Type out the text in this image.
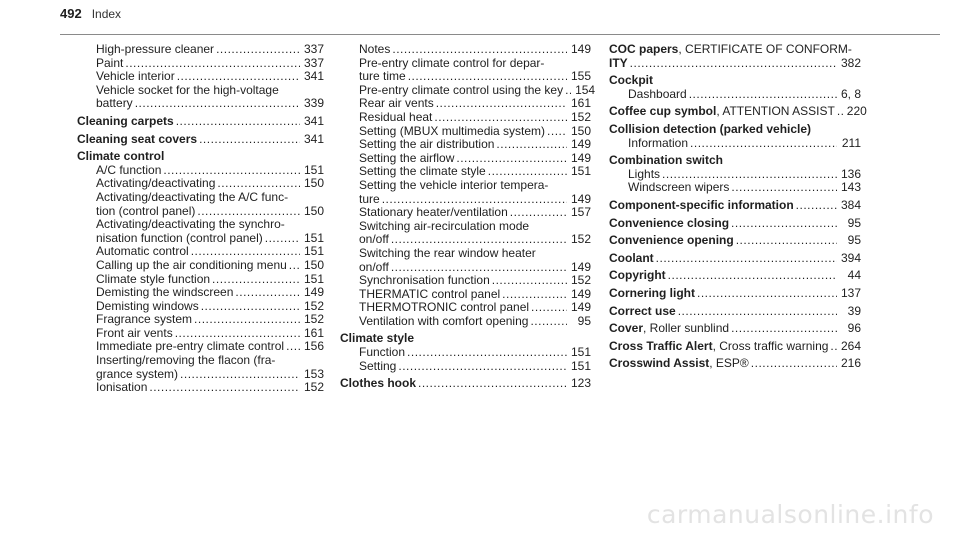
492 Index
High-pressure cleaner .....	337
Paint .....	337
Vehicle interior .....	341
Vehicle socket for the high-voltage
battery .....	339
Cleaning carpets .....	341
Cleaning seat covers .....	341
Climate control
A/C function .....	151
Activating/deactivating .....	150
Activating/deactivating the A/C func-
tion (control panel) .....	150
Activating/deactivating the synchro-
nisation function (control panel) .....	151
Automatic control .....	151
Calling up the air conditioning menu ..... 150
Climate style function .....	151
Demisting the windscreen .....	149
Demisting windows .....	152
Fragrance system .....	152
Front air vents .....	161
Immediate pre-entry climate control ..... 156
Inserting/removing the flacon (fra-
grance system) .....	153
Ionisation .....	152
Notes .....	149
Pre-entry climate control for depar-
ture time .....	155
Pre-entry climate control using the key ..... 154
Rear air vents .....	161
Residual heat .....	152
Setting (MBUX multimedia system) ..... 150
Setting the air distribution .....	149
Setting the airflow .....	149
Setting the climate style .....	151
Setting the vehicle interior tempera-
ture .....	149
Stationary heater/ventilation .....	157
Switching air-recirculation mode
on/off .....	152
Switching the rear window heater
on/off .....	149
Synchronisation function .....	152
THERMATIC control panel .....	149
THERMOTRONIC control panel .....	149
Ventilation with comfort opening .....	95
Climate style
Function .....	151
Setting .....	151
Clothes hook .....	123
COC papers, CERTIFICATE OF CONFORM-
ITY .....	382
Cockpit
Dashboard .....	6, 8
Coffee cup symbol, ATTENTION ASSIST ..... 220
Collision detection (parked vehicle)
Information .....	211
Combination switch
Lights .....	136
Windscreen wipers .....	143
Component-specific information .....	384
Convenience closing .....	95
Convenience opening .....	95
Coolant .....	394
Copyright .....	44
Cornering light .....	137
Correct use .....	39
Cover, Roller sunblind .....	96
Cross Traffic Alert, Cross traffic warning ..... 264
Crosswind Assist, ESP® .....	216
carmanualsonline.info
